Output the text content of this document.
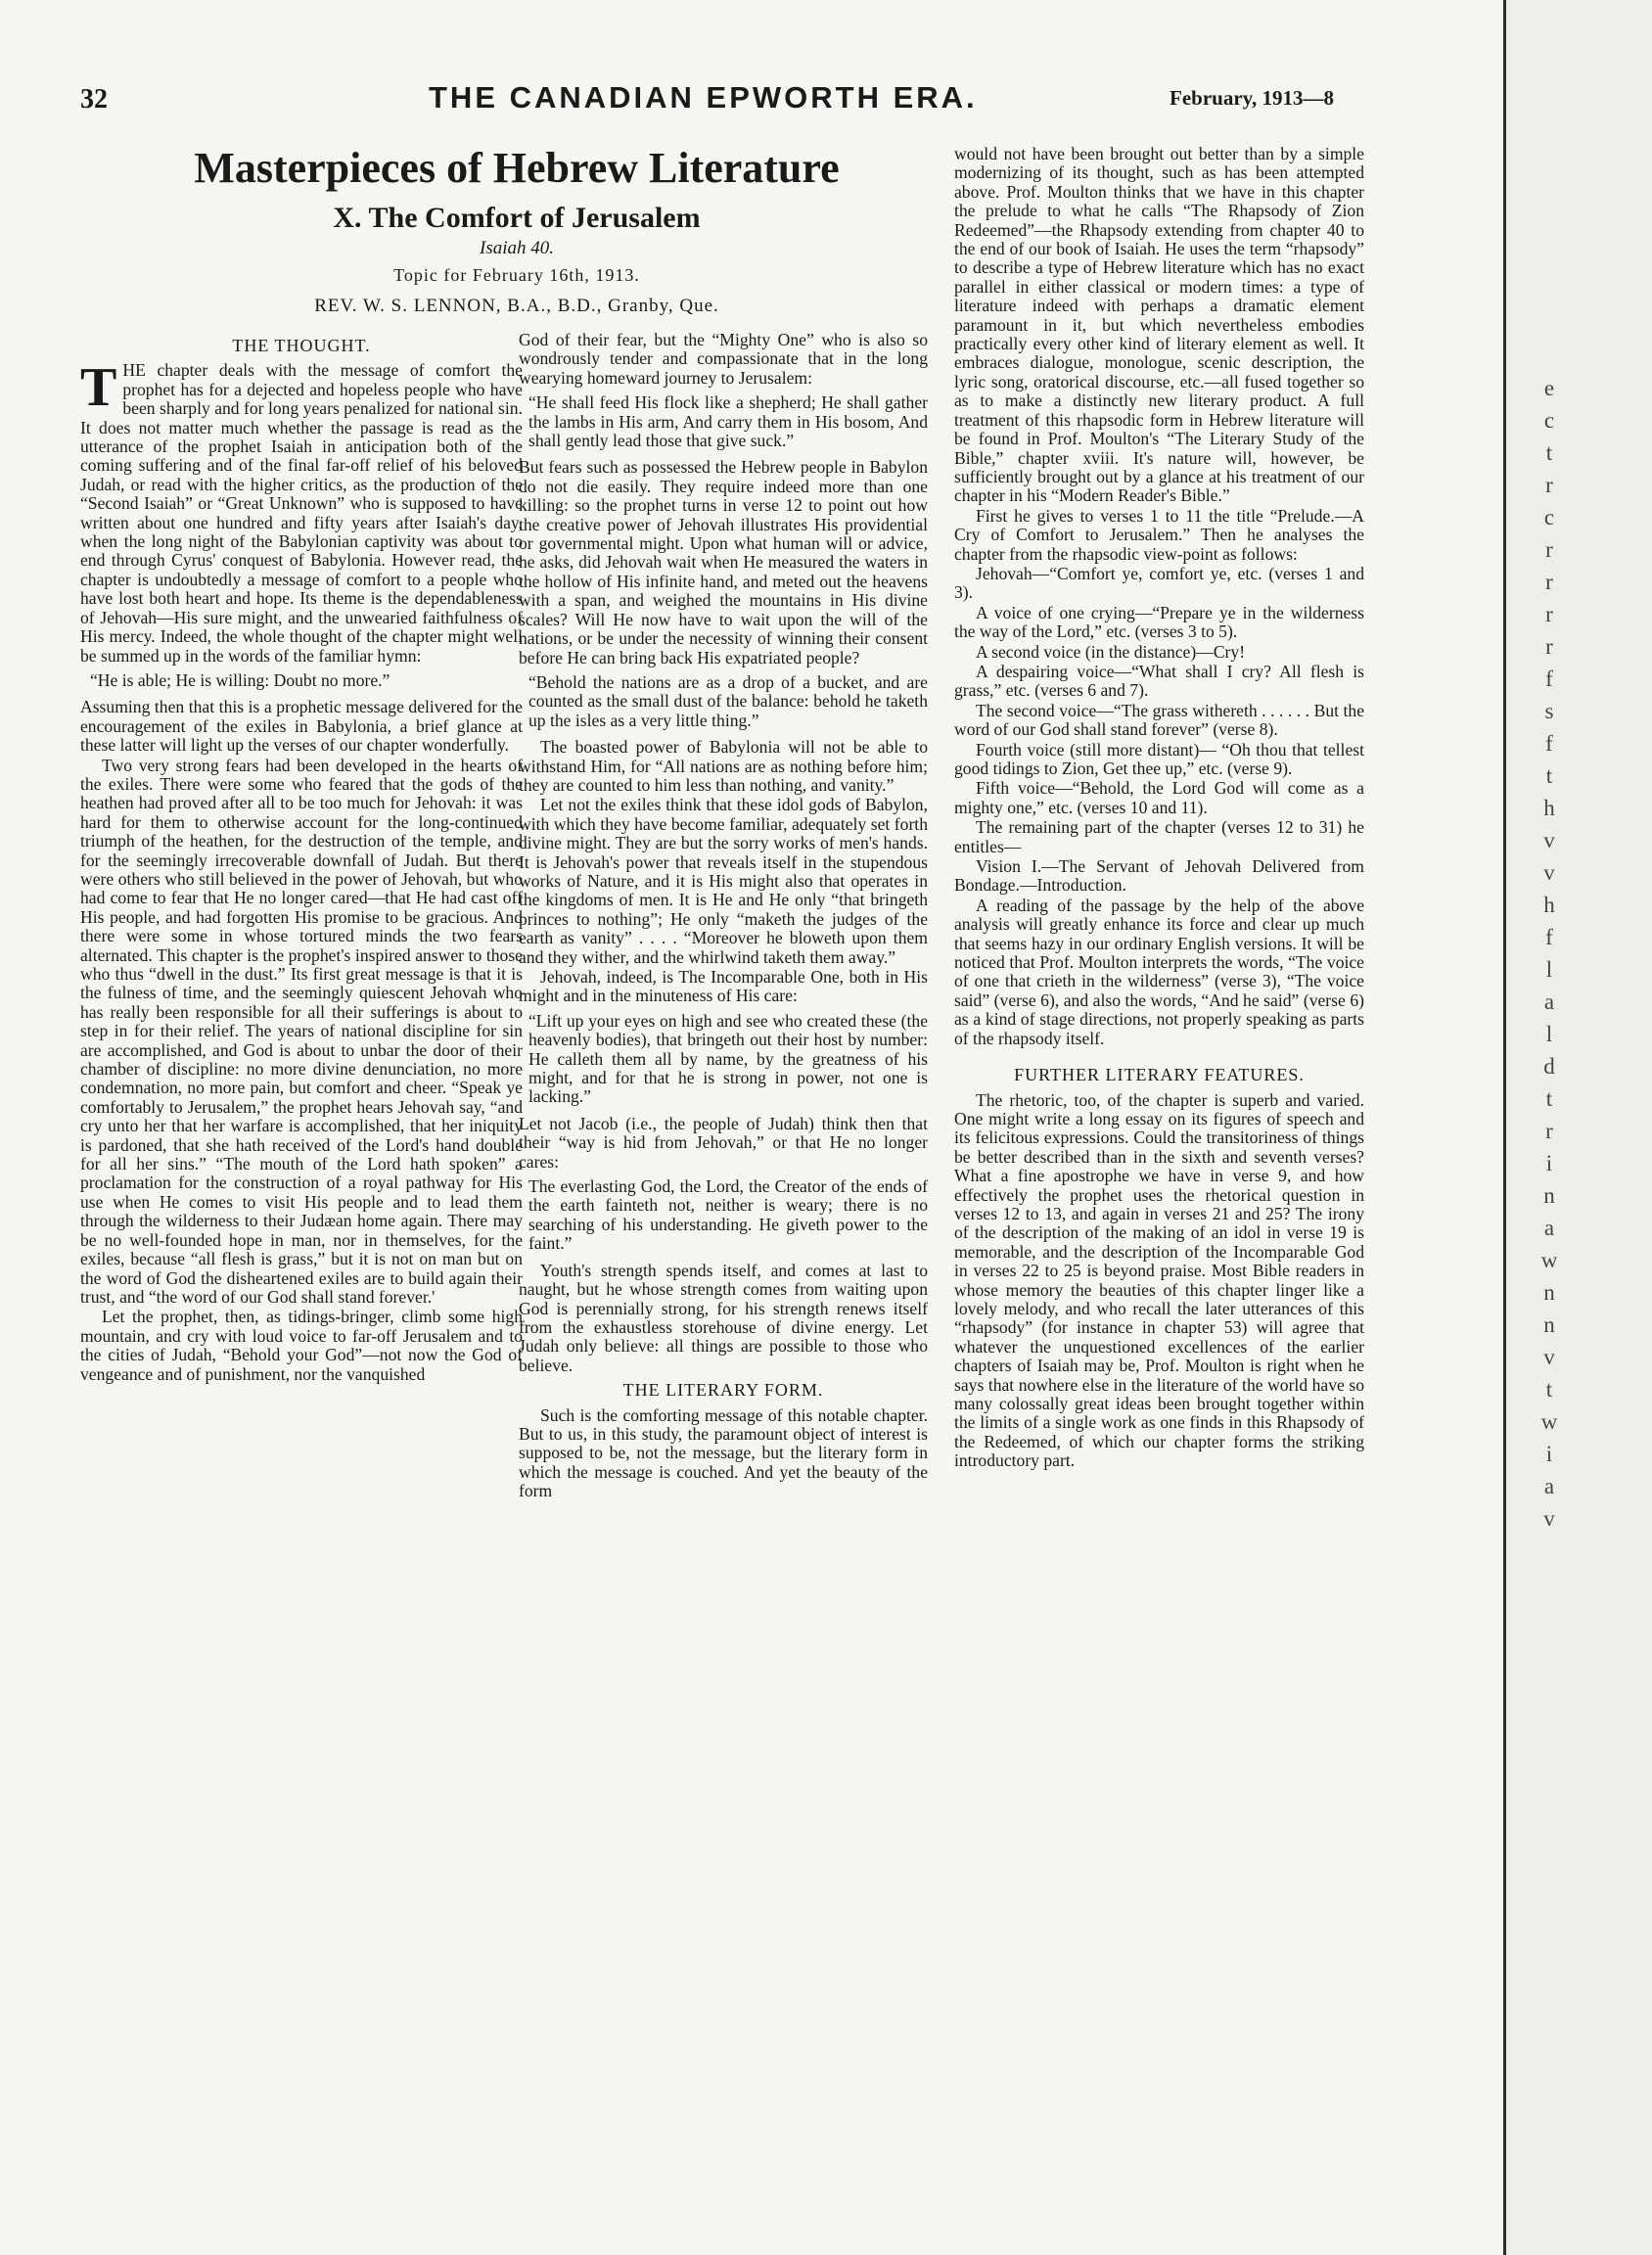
e
c
t
r
c
r
r
r
r
f
s
f
t
h
v
v
h
f
l
a
l
d
t
r
i
n
a
w
n
n
v
t
w
i
a
v
32	THE CANADIAN EPWORTH ERA.	February, 1913—8
Masterpieces of Hebrew Literature
X. The Comfort of Jerusalem
Isaiah 40.
Topic for February 16th, 1913.
REV. W. S. LENNON, B.A., B.D., Granby, Que.
THE THOUGHT.

THE chapter deals with the message of comfort the prophet has for a dejected and hopeless people who have been sharply and for long years penalized for national sin. It does not matter much whether the passage is read as the utterance of the prophet Isaiah in anticipation both of the coming suffering and of the final far-off relief of his beloved Judah, or read with the higher critics, as the production of the “Second Isaiah” or “Great Unknown” who is supposed to have written about one hundred and fifty years after Isaiah's day, when the long night of the Babylonian captivity was about to end through Cyrus' conquest of Babylonia. However read, the chapter is undoubtedly a message of comfort to a people who have lost both heart and hope. Its theme is the dependableness of Jehovah—His sure might, and the unwearied faithfulness of His mercy. Indeed, the whole thought of the chapter might well be summed up in the words of the familiar hymn:

“He is able; He is willing: Doubt no more.”

Assuming then that this is a prophetic message delivered for the encouragement of the exiles in Babylonia, a brief glance at these latter will light up the verses of our chapter wonderfully.

Two very strong fears had been developed in the hearts of the exiles. There were some who feared that the gods of the heathen had proved after all to be too much for Jehovah: it was hard for them to otherwise account for the long-continued triumph of the heathen, for the destruction of the temple, and for the seemingly irrecoverable downfall of Judah. But there were others who still believed in the power of Jehovah, but who had come to fear that He no longer cared—that He had cast off His people, and had forgotten His promise to be gracious. And there were some in whose tortured minds the two fears alternated. This chapter is the prophet's inspired answer to those who thus “dwell in the dust.” Its first great message is that it is the fulness of time, and the seemingly quiescent Jehovah who has really been responsible for all their sufferings is about to step in for their relief. The years of national discipline for sin are accomplished, and God is about to unbar the door of their chamber of discipline: no more divine denunciation, no more condemnation, no more pain, but comfort and cheer. “Speak ye comfortably to Jerusalem,” the prophet hears Jehovah say, “and cry unto her that her warfare is accomplished, that her iniquity is pardoned, that she hath received of the Lord's hand double for all her sins.” “The mouth of the Lord hath spoken” a proclamation for the construction of a royal pathway for His use when He comes to visit His people and to lead them through the wilderness to their Judæan home again. There may be no well-founded hope in man, nor in themselves, for the exiles, because “all flesh is grass,” but it is not on man but on the word of God the disheartened exiles are to build again their trust, and “the word of our God shall stand forever.'

Let the prophet, then, as tidings-bringer, climb some high mountain, and cry with loud voice to far-off Jerusalem and to the cities of Judah, “Behold your God”—not now the God of vengeance and of punishment, nor the vanquished

God of their fear, but the “Mighty One” who is also so wondrously tender and compassionate that in the long wearying homeward journey to Jerusalem:

“He shall feed His flock like a shepherd; He shall gather the lambs in His arm, And carry them in His bosom, And shall gently lead those that give suck.”

But fears such as possessed the Hebrew people in Babylon do not die easily. They require indeed more than one killing: so the prophet turns in verse 12 to point out how the creative power of Jehovah illustrates His providential or governmental might. Upon what human will or advice, he asks, did Jehovah wait when He measured the waters in the hollow of His infinite hand, and meted out the heavens with a span, and weighed the mountains in His divine scales? Will He now have to wait upon the will of the nations, or be under the necessity of winning their consent before He can bring back His expatriated people?

“Behold the nations are as a drop of a bucket, and are counted as the small dust of the balance: behold he taketh up the isles as a very little thing.”

The boasted power of Babylonia will not be able to withstand Him, for “All nations are as nothing before him; they are counted to him less than nothing, and vanity.”

Let not the exiles think that these idol gods of Babylon, with which they have become familiar, adequately set forth divine might. They are but the sorry works of men's hands. It is Jehovah's power that reveals itself in the stupendous works of Nature, and it is His might also that operates in the kingdoms of men. It is He and He only “that bringeth princes to nothing”; He only “maketh the judges of the earth as vanity” . . . . “Moreover he bloweth upon them and they wither, and the whirlwind taketh them away.”

Jehovah, indeed, is The Incomparable One, both in His might and in the minuteness of His care:

“Lift up your eyes on high and see who created these (the heavenly bodies), that bringeth out their host by number: He calleth them all by name, by the greatness of his might, and for that he is strong in power, not one is lacking.”

Let not Jacob (i.e., the people of Judah) think then that their “way is hid from Jehovah,” or that He no longer cares:

The everlasting God, the Lord, the Creator of the ends of the earth fainteth not, neither is weary; there is no searching of his understanding. He giveth power to the faint.”

Youth's strength spends itself, and comes at last to naught, but he whose strength comes from waiting upon God is perennially strong, for his strength renews itself from the exhaustless storehouse of divine energy. Let Judah only believe: all things are possible to those who believe.

THE LITERARY FORM.

Such is the comforting message of this notable chapter. But to us, in this study, the paramount object of interest is supposed to be, not the message, but the literary form in which the message is couched. And yet the beauty of the form

would not have been brought out better than by a simple modernizing of its thought, such as has been attempted above. Prof. Moulton thinks that we have in this chapter the prelude to what he calls “The Rhapsody of Zion Redeemed”—the Rhapsody extending from chapter 40 to the end of our book of Isaiah. He uses the term “rhapsody” to describe a type of Hebrew literature which has no exact parallel in either classical or modern times: a type of literature indeed with perhaps a dramatic element paramount in it, but which nevertheless embodies practically every other kind of literary element as well. It embraces dialogue, monologue, scenic description, the lyric song, oratorical discourse, etc.—all fused together so as to make a distinctly new literary product. A full treatment of this rhapsodic form in Hebrew literature will be found in Prof. Moulton's “The Literary Study of the Bible,” chapter xviii. It's nature will, however, be sufficiently brought out by a glance at his treatment of our chapter in his “Modern Reader's Bible.”

First he gives to verses 1 to 11 the title “Prelude.—A Cry of Comfort to Jerusalem.” Then he analyses the chapter from the rhapsodic view-point as follows:

Jehovah—“Comfort ye, comfort ye, etc. (verses 1 and 3).

A voice of one crying—“Prepare ye in the wilderness the way of the Lord,” etc. (verses 3 to 5).

A second voice (in the distance)—Cry!

A despairing voice—“What shall I cry? All flesh is grass,” etc. (verses 6 and 7).

The second voice—“The grass withereth . . . . . . But the word of our God shall stand forever” (verse 8).

Fourth voice (still more distant)— “Oh thou that tellest good tidings to Zion, Get thee up,” etc. (verse 9).

Fifth voice—“Behold, the Lord God will come as a mighty one,” etc. (verses 10 and 11).

The remaining part of the chapter (verses 12 to 31) he entitles—

Vision I.—The Servant of Jehovah Delivered from Bondage.—Introduction.

A reading of the passage by the help of the above analysis will greatly enhance its force and clear up much that seems hazy in our ordinary English versions. It will be noticed that Prof. Moulton interprets the words, “The voice of one that crieth in the wilderness” (verse 3), “The voice said” (verse 6), and also the words, “And he said” (verse 6) as a kind of stage directions, not properly speaking as parts of the rhapsody itself.

FURTHER LITERARY FEATURES.

The rhetoric, too, of the chapter is superb and varied. One might write a long essay on its figures of speech and its felicitous expressions. Could the transitoriness of things be better described than in the sixth and seventh verses? What a fine apostrophe we have in verse 9, and how effectively the prophet uses the rhetorical question in verses 12 to 13, and again in verses 21 and 25? The irony of the description of the making of an idol in verse 19 is memorable, and the description of the Incomparable God in verses 22 to 25 is beyond praise. Most Bible readers in whose memory the beauties of this chapter linger like a lovely melody, and who recall the later utterances of this “rhapsody” (for instance in chapter 53) will agree that whatever the unquestioned excellences of the earlier chapters of Isaiah may be, Prof. Moulton is right when he says that nowhere else in the literature of the world have so many colossally great ideas been brought together within the limits of a single work as one finds in this Rhapsody of the Redeemed, of which our chapter forms the striking introductory part.
